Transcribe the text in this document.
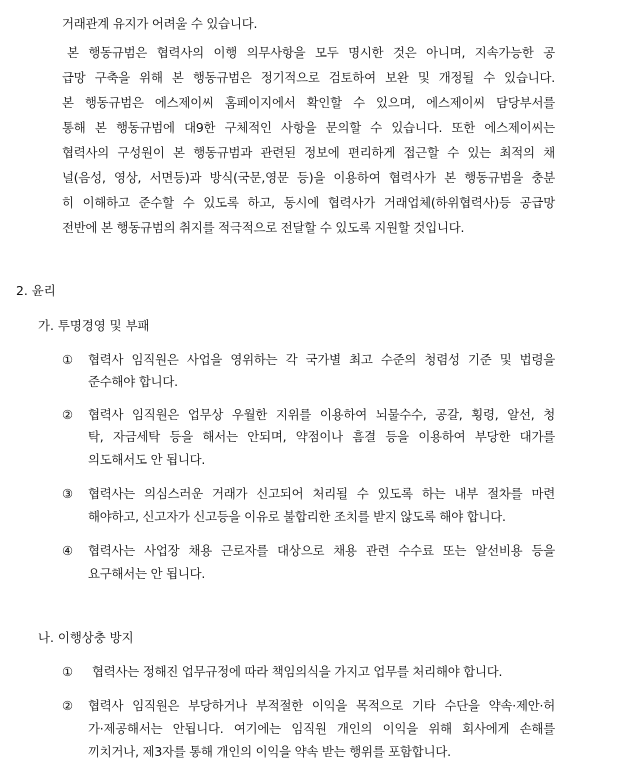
거래관계 유지가 어려울 수 있습니다.
본 행동규범은 협력사의 이행 의무사항을 모두 명시한 것은 아니며, 지속가능한 공
급망 구축을 위해 본 행동규범은 정기적으로 검토하여 보완 및 개정될 수 있습니다.
본 행동규범은 에스제이씨 홈페이지에서 확인할 수 있으며, 에스제이씨 담당부서를
통해 본 행동규범에 대9한 구체적인 사항을 문의할 수 있습니다. 또한 에스제이씨는
협력사의 구성원이 본 행동규범과 관련된 정보에 편리하게 접근할 수 있는 최적의 채
널(음성, 영상, 서면등)과 방식(국문,영문 등)을 이용하여 협력사가 본 행동규범을 충분
히 이해하고 준수할 수 있도록 하고, 동시에 협력사가 거래업체(하위협력사)등 공급망
전반에 본 행동규범의 취지를 적극적으로 전달할 수 있도록 지원할 것입니다.
2. 윤리
가. 투명경영 및 부패
① 협력사 임직원은 사업을 영위하는 각 국가별 최고 수준의 청렴성 기준 및 법령을
준수해야 합니다.
② 협력사 임직원은 업무상 우월한 지위를 이용하여 뇌물수수, 공갈, 횡령, 알선, 청
탁, 자금세탁 등을 해서는 안되며, 약점이나 흠결 등을 이용하여 부당한 대가를
의도해서도 안 됩니다.
③ 협력사는 의심스러운 거래가 신고되어 처리될 수 있도록 하는 내부 절차를 마련
해야하고, 신고자가 신고등을 이유로 불합리한 조치를 받지 않도록 해야 합니다.
④ 협력사는 사업장 채용 근로자를 대상으로 채용 관련 수수료 또는 알선비용 등을
요구해서는 안 됩니다.
나. 이행상충 방지
① 협력사는 정해진 업무규정에 따라 책임의식을 가지고 업무를 처리해야 합니다.
② 협력사 임직원은 부당하거나 부적절한 이익을 목적으로 기타 수단을 약속·제안·허
가·제공해서는 안됩니다. 여기에는 임직원 개인의 이익을 위해 회사에게 손해를
끼치거나, 제3자를 통해 개인의 이익을 약속 받는 행위를 포함합니다.
